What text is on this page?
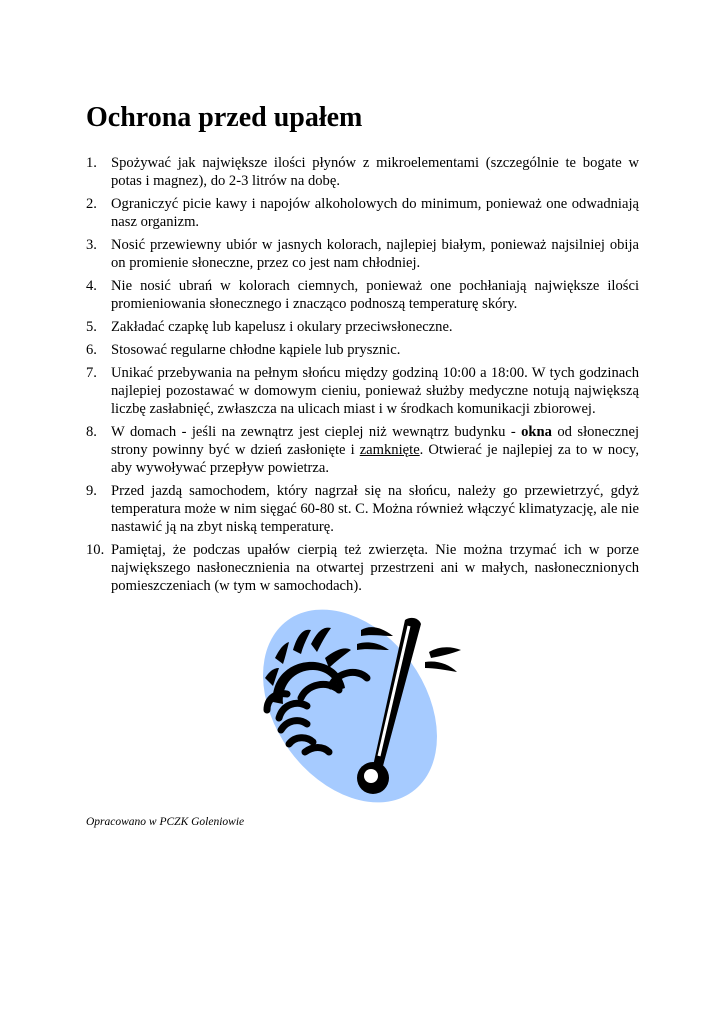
Ochrona przed upałem
1. Spożywać jak największe ilości płynów z mikroelementami (szczególnie te bogate w potas i magnez), do 2-3 litrów na dobę.
2. Ograniczyć picie kawy i napojów alkoholowych do minimum, ponieważ one odwadniają nasz organizm.
3. Nosić przewiewny ubiór w jasnych kolorach, najlepiej białym, ponieważ najsilniej obija on promienie słoneczne, przez co jest nam chłodniej.
4. Nie nosić ubrań w kolorach ciemnych, ponieważ one pochłaniają największe ilości promieniowania słonecznego i znacząco podnoszą temperaturę skóry.
5. Zakładać czapkę lub kapelusz i okulary przeciwsłoneczne.
6. Stosować regularne chłodne kąpiele lub prysznic.
7. Unikać przebywania na pełnym słońcu między godziną 10:00 a 18:00. W tych godzinach najlepiej pozostawać w domowym cieniu, ponieważ służby medyczne notują największą liczbę zasłabnięć, zwłaszcza na ulicach miast i w środkach komunikacji zbiorowej.
8. W domach - jeśli na zewnątrz jest cieplej niż wewnątrz budynku - okna od słonecznej strony powinny być w dzień zasłonięte i zamknięte. Otwierać je najlepiej za to w nocy, aby wywoływać przepływ powietrza.
9. Przed jazdą samochodem, który nagrzał się na słońcu, należy go przewietrzyć, gdyż temperatura może w nim sięgać 60-80 st. C. Można również włączyć klimatyzację, ale nie nastawić ją na zbyt niską temperaturę.
10. Pamiętaj, że podczas upałów cierpią też zwierzęta. Nie można trzymać ich w porze największego nasłonecznienia na otwartej przestrzeni ani w małych, nasłonecznionych pomieszczeniach (w tym w samochodach).

Opracowano w PCZK Goleniowie
